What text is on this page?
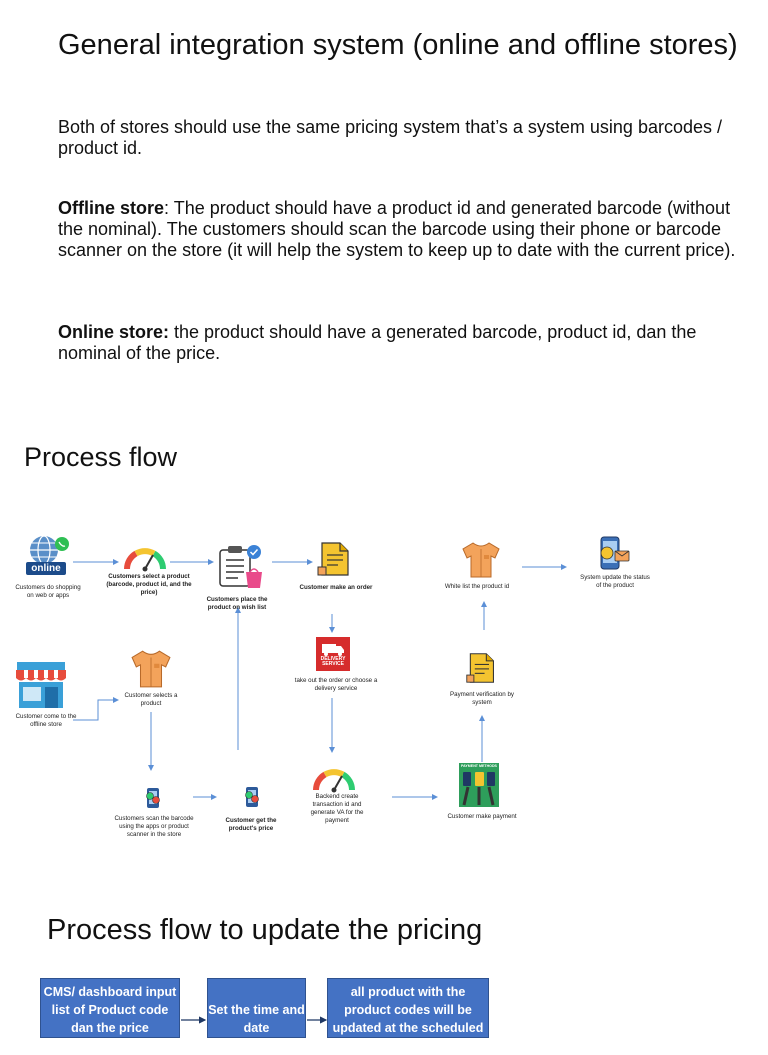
General integration system (online and offline stores)
Both of stores should use the same pricing system that’s a system using barcodes / product id.
Offline store: The product should have a product id and generated barcode (without the nominal). The customers should scan the barcode using their phone or barcode scanner on the store (it will help the system to keep up to date with the current price).
Online store: the product should have a generated barcode, product id, dan the nominal of the price.
Process flow
online
DELIVERY SERVICE
PAYMENT METHODS
Customers do shopping on web or apps
Customers select a product (barcode, product id, and the price)
Customers place the product on wish list
Customer make an order	White list the product id
System update the status of the product
Customer come to the offline store
Customer selects a product
take out the order or choose a delivery service
Payment verification by system
Customers scan the barcode using the apps or product scanner in the store
Customer get the product's price
Backend create transaction id and generate VA for the payment
Customer make payment
Process flow to update the pricing
CMS/ dashboard input list of Product code dan the price
Set the time and date
all product with the product codes will be updated at the scheduled time
